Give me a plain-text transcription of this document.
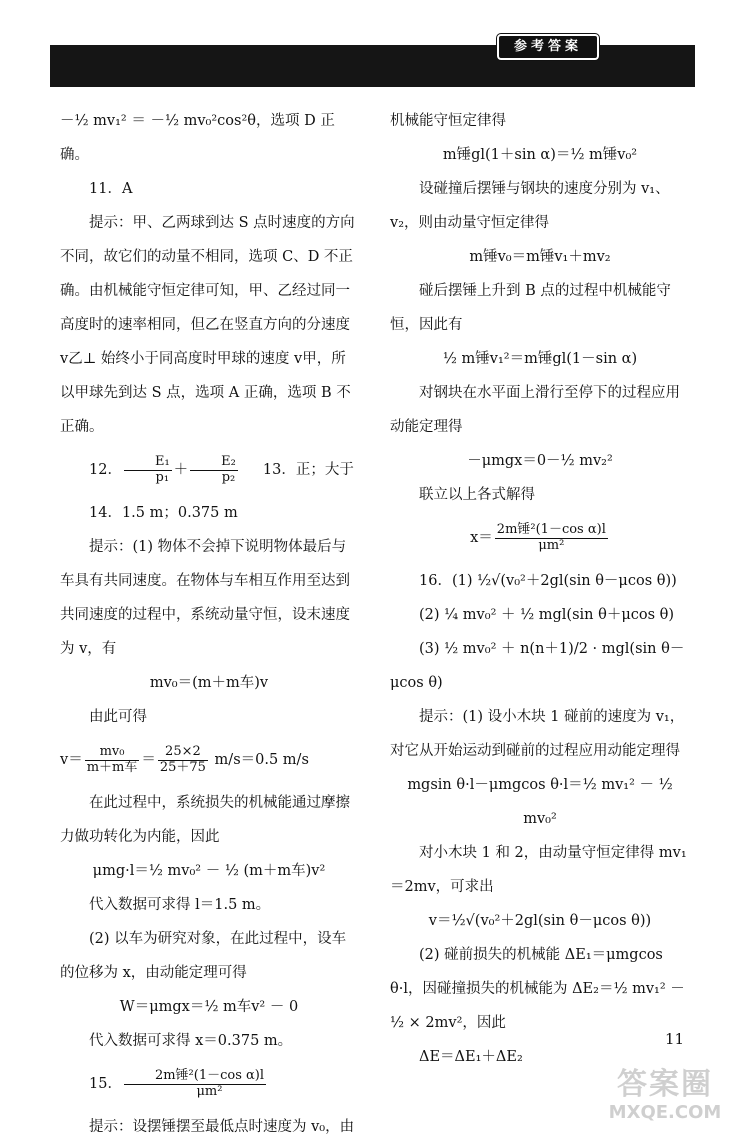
参考答案

－½ mv₁² ＝ －½ mv₀²cos²θ，选项 D 正确。

11．A

提示：甲、乙两球到达 S 点时速度的方向不同，故它们的动量不相同，选项 C、D 不正确。由机械能守恒定律可知，甲、乙经过同一高度时的速率相同，但乙在竖直方向的分速度 v乙⊥ 始终小于同高度时甲球的速度 v甲，所以甲球先到达 S 点，选项 A 正确，选项 B 不正确。

12． $\frac{\text{E₁}}{\text{p₁}} + \frac{\text{E₂}}{\text{p₂}} 13$．正；大于

14．1.5 m；0.375 m

提示：(1) 物体不会掉下说明物体最后与车具有共同速度。在物体与车相互作用至达到共同速度的过程中，系统动量守恒，设末速度为 v，有

mv₀＝(m＋m车)v

由此可得

$v= \frac{\text{mv₀}}{\text{m＋m车}} = \frac{25\times 2}{25+75} m/s=0.5$ m/s

在此过程中，系统损失的机械能通过摩擦力做功转化为内能，因此

μmg·l＝½ mv₀² － ½ (m＋m车)v²

代入数据可求得 l＝1.5 m。

(2) 以车为研究对象，在此过程中，设车的位移为 x，由动能定理可得

W＝μmgx＝½ m车v² － 0

代入数据可求得 x＝0.375 m。

15． $\frac{\text{2m锤²(1－cos α)l}}{\text{μm²}}$

提示：设摆锤摆至最低点时速度为 v₀，由

机械能守恒定律得

m锤gl(1＋sin α)＝½ m锤v₀²

设碰撞后摆锤与钢块的速度分别为 v₁、v₂，则由动量守恒定律得

m锤v₀＝m锤v₁＋mv₂

碰后摆锤上升到 B 点的过程中机械能守恒，因此有

½ m锤v₁²＝m锤gl(1－sin α)

对钢块在水平面上滑行至停下的过程应用动能定理得

－μmgx＝0－½ mv₂²

联立以上各式解得

$x= \frac{\text{2m锤²(1－cos α)l}}{\text{μm²}}$

16．(1) ½√(v₀²＋2gl(sin θ－μcos θ))

(2) ¼ mv₀² ＋ ½ mgl(sin θ＋μcos θ)

(3) ½ mv₀² ＋ n(n＋1)/2 · mgl(sin θ－μcos θ)

提示：(1) 设小木块 1 碰前的速度为 v₁，对它从开始运动到碰前的过程应用动能定理得

mgsin θ·l－μmgcos θ·l＝½ mv₁² － ½ mv₀²

对小木块 1 和 2，由动量守恒定律得 mv₁＝2mv，可求出

v＝½√(v₀²＋2gl(sin θ－μcos θ))

(2) 碰前损失的机械能 ΔE₁＝μmgcos θ·l，因碰撞损失的机械能为 ΔE₂＝½ mv₁² － ½ × 2mv²，因此

ΔE＝ΔE₁＋ΔE₂

11
答案圈
MXQE.COM
